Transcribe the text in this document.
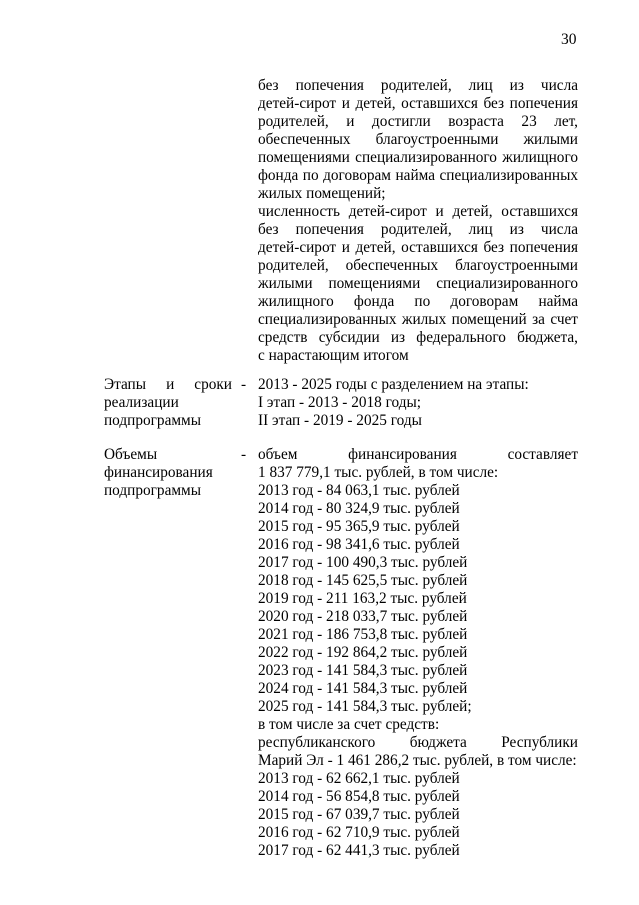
30
без попечения родителей, лиц из числа
детей-сирот и детей, оставшихся без попечения
родителей, и достигли возраста 23 лет,
обеспеченных благоустроенными жилыми
помещениями специализированного жилищного
фонда по договорам найма специализированных
жилых помещений;
численность детей-сирот и детей, оставшихся
без попечения родителей, лиц из числа
детей-сирот и детей, оставшихся без попечения
родителей, обеспеченных благоустроенными
жилыми помещениями специализированного
жилищного фонда по договорам найма
специализированных жилых помещений за счет
средств субсидии из федерального бюджета,
с нарастающим итогом
Этапы и сроки
реализации
подпрограммы
- 2013 - 2025 годы с разделением на этапы:
I этап - 2013 - 2018 годы;
II этап - 2019 - 2025 годы
Объемы
финансирования
подпрограммы
- объем финансирования составляет
1 837 779,1 тыс. рублей, в том числе:
2013 год - 84 063,1 тыс. рублей
2014 год - 80 324,9 тыс. рублей
2015 год - 95 365,9 тыс. рублей
2016 год - 98 341,6 тыс. рублей
2017 год - 100 490,3 тыс. рублей
2018 год - 145 625,5 тыс. рублей
2019 год - 211 163,2 тыс. рублей
2020 год - 218 033,7 тыс. рублей
2021 год - 186 753,8 тыс. рублей
2022 год - 192 864,2 тыс. рублей
2023 год - 141 584,3 тыс. рублей
2024 год - 141 584,3 тыс. рублей
2025 год - 141 584,3 тыс. рублей;
в том числе за счет средств:
республиканского бюджета Республики
Марий Эл - 1 461 286,2 тыс. рублей, в том числе:
2013 год - 62 662,1 тыс. рублей
2014 год - 56 854,8 тыс. рублей
2015 год - 67 039,7 тыс. рублей
2016 год - 62 710,9 тыс. рублей
2017 год - 62 441,3 тыс. рублей
